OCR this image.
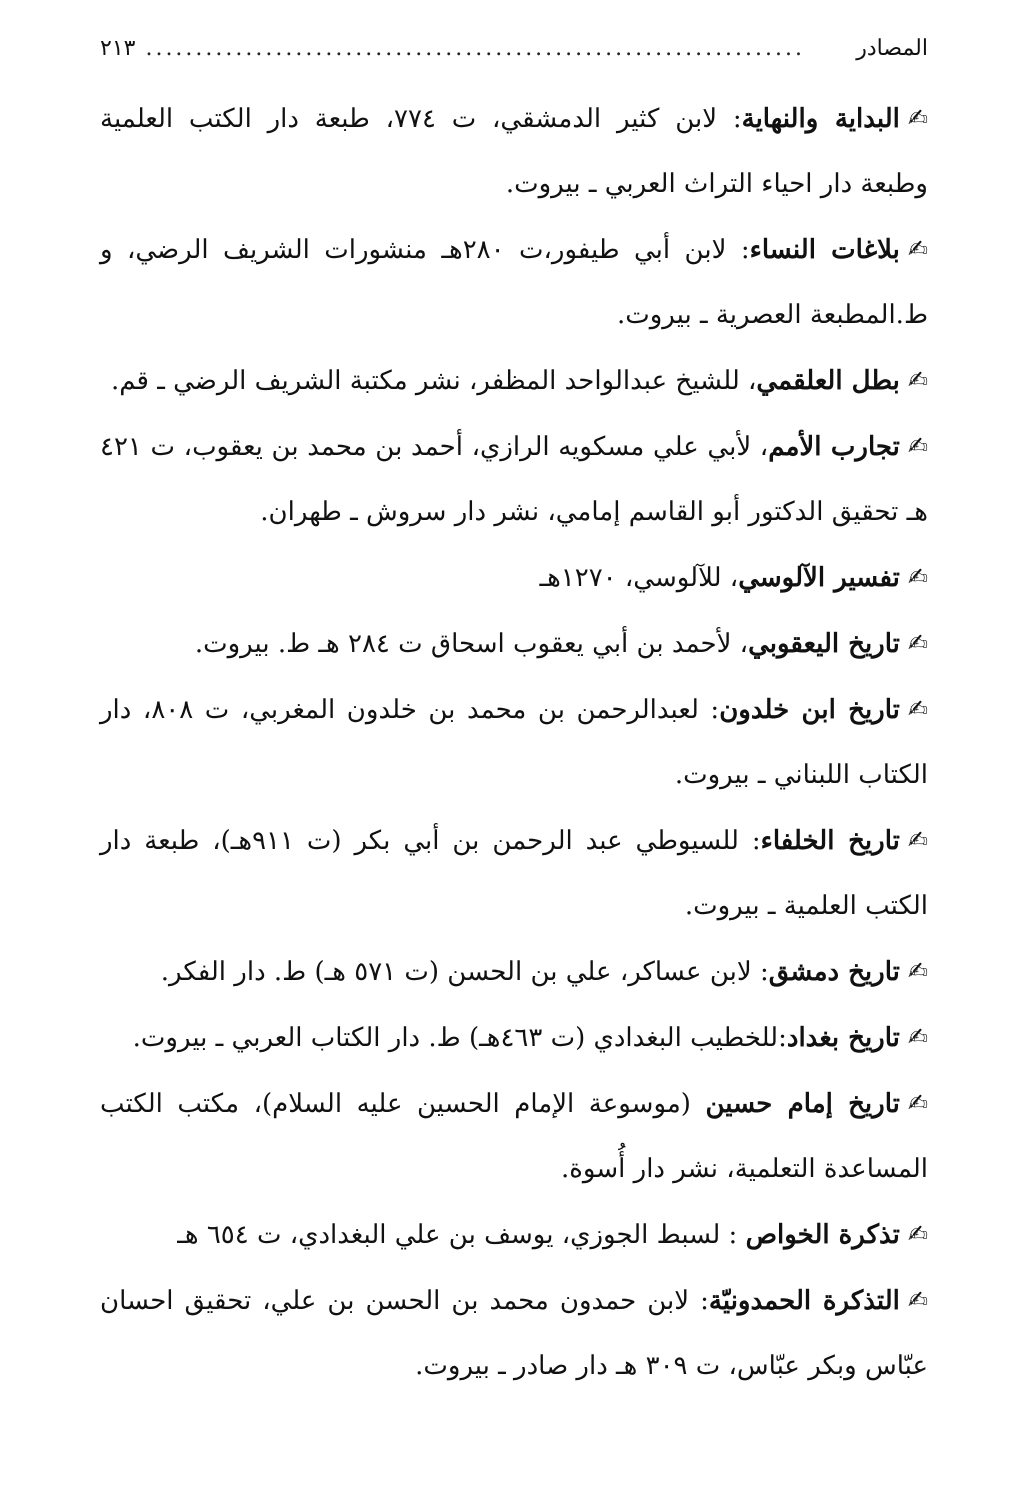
المصادر
..................................................................
٢١٣

✍البداية والنهاية: لابن كثير الدمشقي، ت ٧٧٤، طبعة دار الكتب العلمية وطبعة دار احياء التراث العربي ـ بيروت.

✍بلاغات النساء: لابن أبي طيفور،ت ٢٨٠هـ منشورات الشريف الرضي، و ط.المطبعة العصرية ـ بيروت.

✍بطل العلقمي، للشيخ عبدالواحد المظفر، نشر مكتبة الشريف الرضي ـ قم.

✍تجارب الأمم، لأبي علي مسكويه الرازي، أحمد بن محمد بن يعقوب، ت ٤٢١ هـ تحقيق الدكتور أبو القاسم إمامي، نشر دار سروش ـ طهران.

✍تفسير الآلوسي، للآلوسي، ١٢٧٠هـ

✍تاريخ اليعقوبي، لأحمد بن أبي يعقوب اسحاق ت ٢٨٤ هـ ط. بيروت.

✍تاريخ ابن خلدون: لعبدالرحمن بن محمد بن خلدون المغربي، ت ٨٠٨، دار الكتاب اللبناني ـ بيروت.

✍تاريخ الخلفاء: للسيوطي عبد الرحمن بن أبي بكر (ت ٩١١هـ)، طبعة دار الكتب العلمية ـ بيروت.

✍تاريخ دمشق: لابن عساكر، علي بن الحسن (ت ٥٧١ هـ) ط. دار الفكر.

✍تاريخ بغداد:للخطيب البغدادي (ت ٤٦٣هـ) ط. دار الكتاب العربي ـ بيروت.

✍تاريخ إمام حسين (موسوعة الإمام الحسين عليه السلام)، مكتب الكتب المساعدة التعلمية، نشر دار أُسوة.

✍تذكرة الخواص : لسبط الجوزي، يوسف بن علي البغدادي، ت ٦٥٤ هـ

✍التذكرة الحمدونيّة: لابن حمدون محمد بن الحسن بن علي، تحقيق احسان عبّاس وبكر عبّاس، ت ٣٠٩ هـ دار صادر ـ بيروت.
